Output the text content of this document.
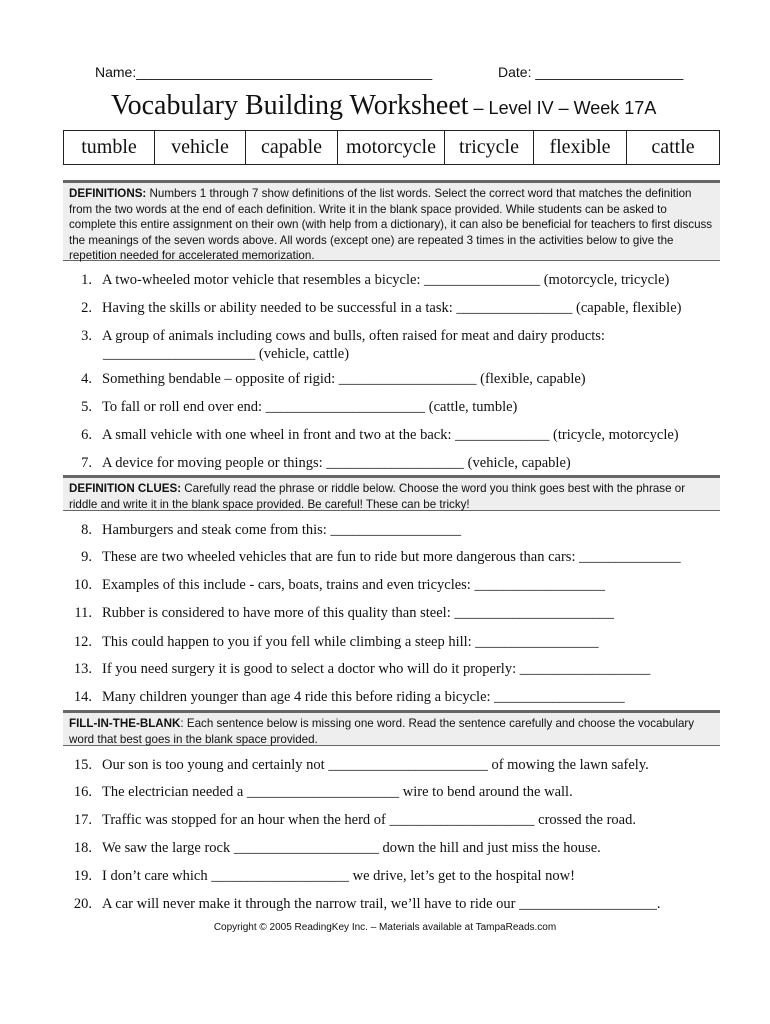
Name:______________________________________	Date: ___________________
Vocabulary Building Worksheet – Level IV – Week 17A
tumble	vehicle	capable	motorcycle	tricycle	flexible	cattle
DEFINITIONS: Numbers 1 through 7 show definitions of the list words. Select the correct word that matches the definition from the two words at the end of each definition. Write it in the blank space provided. While students can be asked to complete this entire assignment on their own (with help from a dictionary), it can also be beneficial for teachers to first discuss the meanings of the seven words above. All words (except one) are repeated 3 times in the activities below to give the repetition needed for accelerated memorization.
1. A two-wheeled motor vehicle that resembles a bicycle: ________________ (motorcycle, tricycle)
2. Having the skills or ability needed to be successful in a task: ________________ (capable, flexible)
3. A group of animals including cows and bulls, often raised for meat and dairy products:
_____________________ (vehicle, cattle)
4. Something bendable – opposite of rigid: ___________________ (flexible, capable)
5. To fall or roll end over end: ______________________ (cattle, tumble)
6. A small vehicle with one wheel in front and two at the back: _____________ (tricycle, motorcycle)
7. A device for moving people or things: ___________________ (vehicle, capable)
DEFINITION CLUES: Carefully read the phrase or riddle below. Choose the word you think goes best with the phrase or riddle and write it in the blank space provided. Be careful! These can be tricky!
8. Hamburgers and steak come from this: __________________
9. These are two wheeled vehicles that are fun to ride but more dangerous than cars: ______________
10. Examples of this include - cars, boats, trains and even tricycles: __________________
11. Rubber is considered to have more of this quality than steel: ______________________
12. This could happen to you if you fell while climbing a steep hill: _________________
13. If you need surgery it is good to select a doctor who will do it properly: __________________
14. Many children younger than age 4 ride this before riding a bicycle: __________________
FILL-IN-THE-BLANK: Each sentence below is missing one word. Read the sentence carefully and choose the vocabulary word that best goes in the blank space provided.
15. Our son is too young and certainly not ______________________ of mowing the lawn safely.
16. The electrician needed a _____________________ wire to bend around the wall.
17. Traffic was stopped for an hour when the herd of ____________________ crossed the road.
18. We saw the large rock ____________________ down the hill and just miss the house.
19. I don’t care which ___________________ we drive, let’s get to the hospital now!
20. A car will never make it through the narrow trail, we’ll have to ride our ___________________.
Copyright © 2005 ReadingKey Inc. – Materials available at TampaReads.com
